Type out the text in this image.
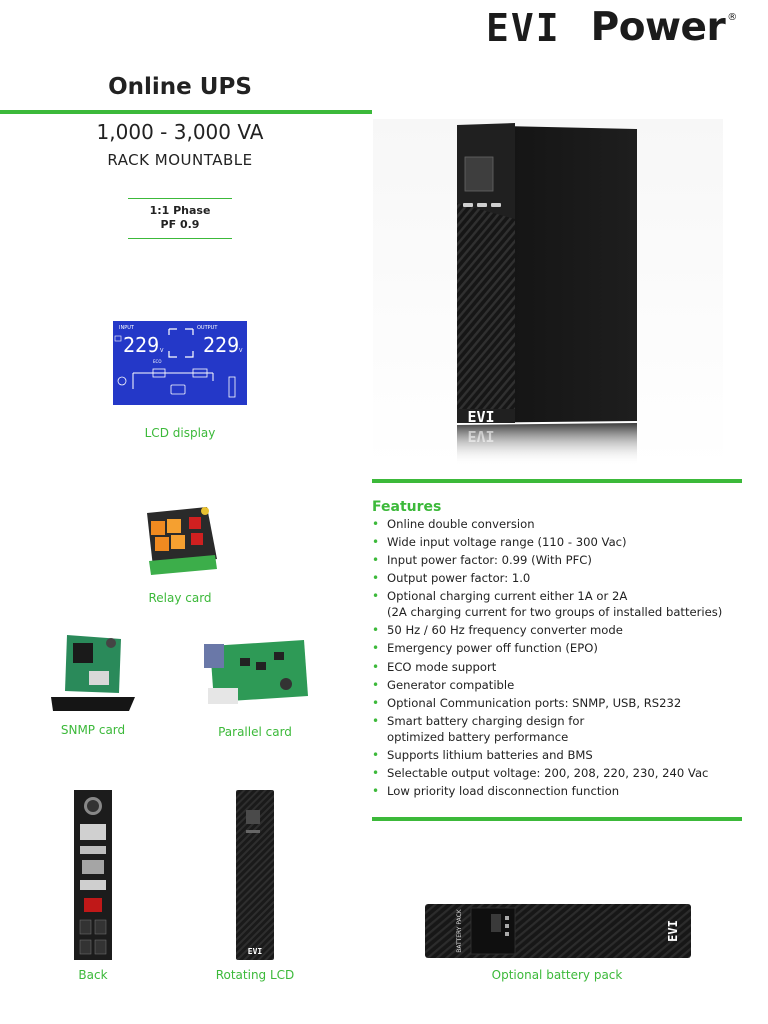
EVI Power ®
Online UPS
1,000 - 3,000 VA
RACK MOUNTABLE
1:1 Phase
PF 0.9
INPUT	OUTPUT
229 V 229 V
ECO
LCD display
Relay card
SNMP card	Parallel card
Back
EVI
Rotating LCD
EVI
EVI
Features
• Online double conversion
• Wide input voltage range (110 - 300 Vac)
• Input power factor: 0.99 (With PFC)
• Output power factor: 1.0
• Optional charging current either 1A or 2A
(2A charging current for two groups of installed batteries)
• 50 Hz / 60 Hz frequency converter mode
• Emergency power off function (EPO)
• ECO mode support
• Generator compatible
• Optional Communication ports: SNMP, USB, RS232
• Smart battery charging design for
optimized battery performance
• Supports lithium batteries and BMS
• Selectable output voltage: 200, 208, 220, 230, 240 Vac
• Low priority load disconnection function
BATTERY PACK	EVI
Optional battery pack
